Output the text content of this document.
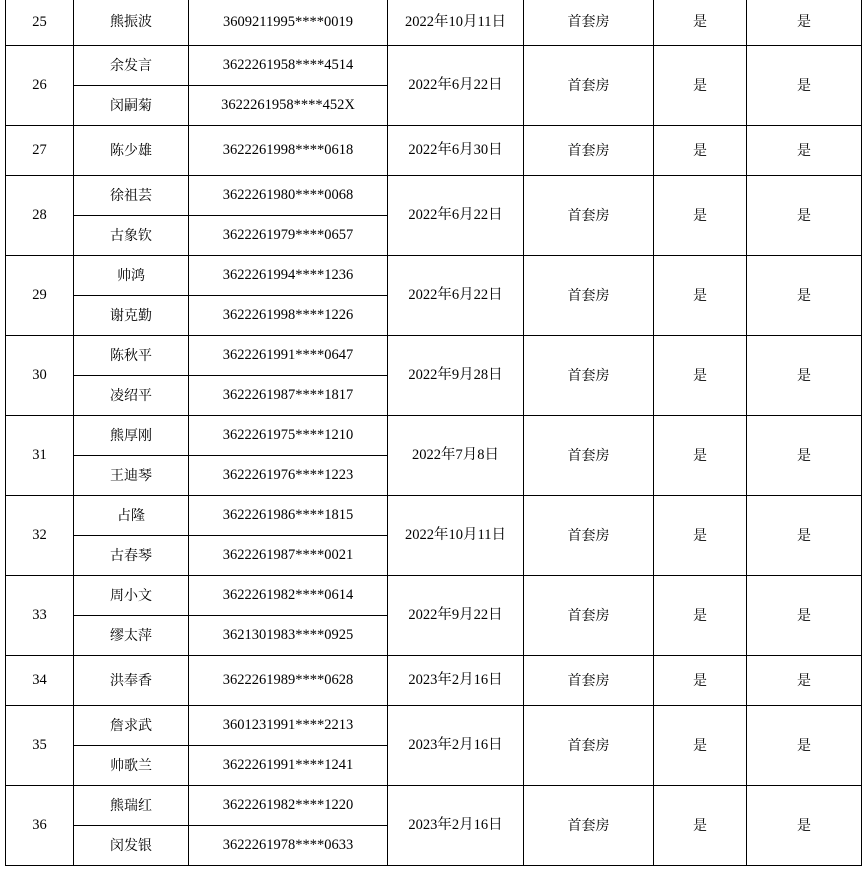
25	熊振波	3609211995****0019	2022年10月11日	首套房	是	是
26	余发言	3622261958****4514	2022年6月22日	首套房	是	是
	闵嗣菊	3622261958****452X				
27	陈少雄	3622261998****0618	2022年6月30日	首套房	是	是
28	徐祖芸	3622261980****0068	2022年6月22日	首套房	是	是
	古象钦	3622261979****0657				
29	帅鸿	3622261994****1236	2022年6月22日	首套房	是	是
	谢克勤	3622261998****1226				
30	陈秋平	3622261991****0647	2022年9月28日	首套房	是	是
	凌绍平	3622261987****1817				
31	熊厚刚	3622261975****1210	2022年7月8日	首套房	是	是
	王迪琴	3622261976****1223				
32	占隆	3622261986****1815	2022年10月11日	首套房	是	是
	古春琴	3622261987****0021				
33	周小文	3622261982****0614	2022年9月22日	首套房	是	是
	缪太萍	3621301983****0925				
34	洪奉香	3622261989****0628	2023年2月16日	首套房	是	是
35	詹求武	3601231991****2213	2023年2月16日	首套房	是	是
	帅歌兰	3622261991****1241				
36	熊瑞红	3622261982****1220	2023年2月16日	首套房	是	是
	闵发银	3622261978****0633				
